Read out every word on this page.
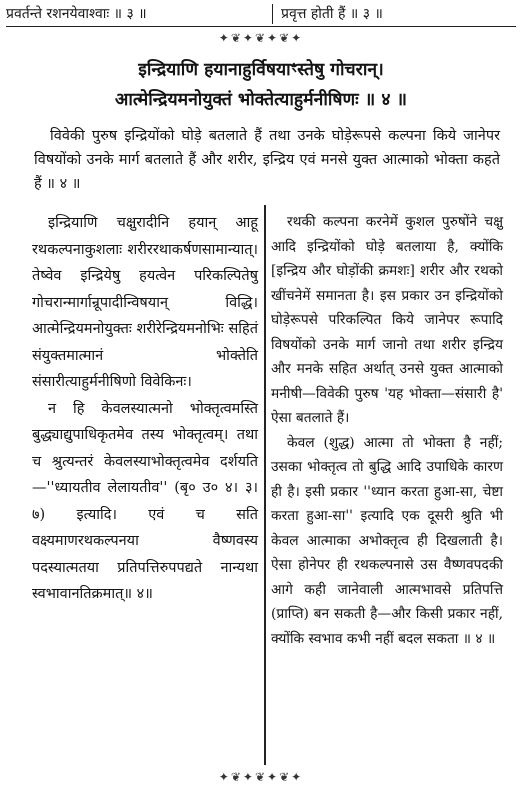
प्रवर्तन्ते रशनयेवाश्वाः ॥ ३ ॥	प्रवृत्त होती हैं ॥ ३ ॥
✦❦✦❦✦❦✦
इन्द्रियाणि हयानाहुर्विषयाꣳस्तेषु गोचरान्।
आत्मेन्द्रियमनोयुक्तं भोक्तेत्याहुर्मनीषिणः ॥ ४ ॥

विवेकी पुरुष इन्द्रियोंको घोड़े बतलाते हैं तथा उनके घोड़ेरूपसे कल्पना किये जानेपर विषयोंको उनके मार्ग बतलाते हैं और शरीर, इन्द्रिय एवं मनसे युक्त आत्माको भोक्ता कहते हैं ॥ ४ ॥

इन्द्रियाणि चक्षुरादीनि हयान् आहू रथकल्पनाकुशलाः शरीररथाकर्षणसामान्यात्। तेष्वेव इन्द्रियेषु हयत्वेन परिकल्पितेषु गोचरान्मार्गान्रूपादीन्विषयान् विद्धि। आत्मेन्द्रियमनोयुक्तः शरीरेन्द्रियमनोभिः सहितं संयुक्तमात्मानं भोक्तेति संसारीत्याहुर्मनीषिणो विवेकिनः।

न हि केवलस्यात्मनो भोक्तृत्वमस्ति बुद्ध्याद्युपाधिकृतमेव तस्य भोक्तृत्वम्। तथा च श्रुत्यन्तरं केवलस्याभोक्तृत्वमेव दर्शयति—''ध्यायतीव लेलायतीव'' (बृ० उ० ४। ३। ७) इत्यादि। एवं च सति वक्ष्यमाणरथकल्पनया वैष्णवस्य पदस्यात्मतया प्रतिपत्तिरुपपद्यते नान्यथा स्वभावानतिक्रमात्॥ ४॥

रथकी कल्पना करनेमें कुशल पुरुषोंने चक्षु आदि इन्द्रियोंको घोड़े बतलाया है, क्योंकि [इन्द्रिय और घोड़ोंकी क्रमशः] शरीर और रथको खींचनेमें समानता है। इस प्रकार उन इन्द्रियोंको घोड़ेरूपसे परिकल्पित किये जानेपर रूपादि विषयोंको उनके मार्ग जानो तथा शरीर इन्द्रिय और मनके सहित अर्थात् उनसे युक्त आत्माको मनीषी—विवेकी पुरुष 'यह भोक्ता—संसारी है' ऐसा बतलाते हैं।

केवल (शुद्ध) आत्मा तो भोक्ता है नहीं; उसका भोक्तृत्व तो बुद्धि आदि उपाधिके कारण ही है। इसी प्रकार ''ध्यान करता हुआ-सा, चेष्टा करता हुआ-सा'' इत्यादि एक दूसरी श्रुति भी केवल आत्माका अभोक्तृत्व ही दिखलाती है। ऐसा होनेपर ही रथकल्पनासे उस वैष्णवपदकी आगे कही जानेवाली आत्मभावसे प्रतिपत्ति (प्राप्ति) बन सकती है—और किसी प्रकार नहीं, क्योंकि स्वभाव कभी नहीं बदल सकता ॥ ४ ॥

✦❦✦❦✦❦✦
